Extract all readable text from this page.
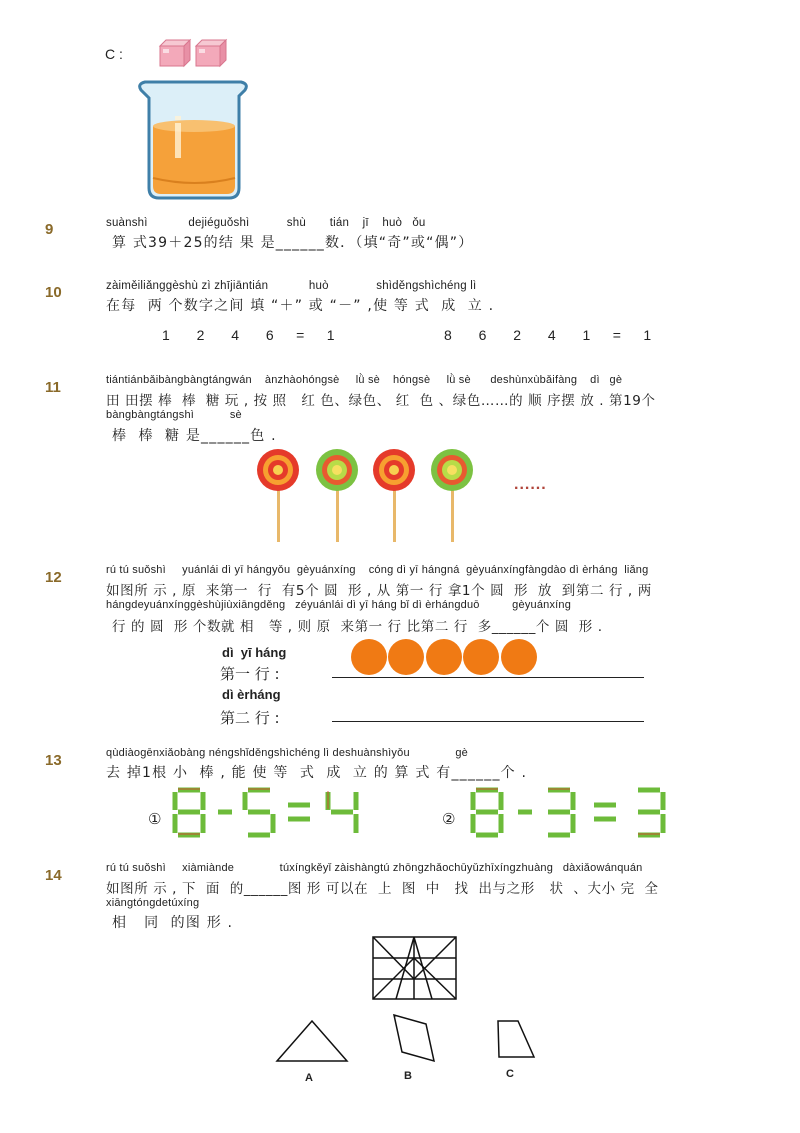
C :
9	suànshì            dejiéguǒshì           shù       tián    jī    huò   ǒu
算 式39＋25的结 果 是______数．（填“奇”或“偶”）
10	zàiměiliǎnggèshù zì zhījiāntián            huò              shìděngshìchéng lì
在每  两 个数字之间 填 “＋” 或 “－” ,使 等 式  成  立 .
1      2      4      6     =     1	8      6      2      4      1     =     1
11	tiántiánbǎibàngbàngtángwán    ànzhàohóngsè     lǜ sè    hóngsè     lǜ sè      deshùnxùbǎifàng    dì   gè
田 田摆 棒  棒  糖 玩 , 按 照   红 色、绿色、 红  色 、绿色……的 顺 序摆 放 . 第19个
bàngbàngtángshì           sè
棒  棒  糖 是______色 .
......
12	rú tú suǒshì     yuánlái dì yī hángyǒu  gèyuánxíng    cóng dì yī hángná  gèyuánxíngfàngdào dì èrháng  liǎng
如图所 示 , 原  来第一  行  有5个 圆  形 , 从 第一 行 拿1个 圆  形  放  到第二 行 , 两
hángdeyuánxínggèshùjiùxiāngděng   zéyuánlái dì yī háng bǐ dì èrhángduō          gèyuánxíng
行 的 圆  形 个数就 相   等 , 则 原  来第一 行 比第二 行  多______个 圆  形 .
dì  yī háng
第一 行 :
dì èrháng
第二 行 :
13	qùdiàogēnxiǎobàng néngshǐděngshìchéng lì deshuànshìyǒu              gè
去 掉1根 小  棒 , 能 使 等  式  成  立 的 算 式 有______个 .
①	②
14	rú tú suǒshì     xiàmiànde              túxíngkěyǐ zàishàngtú zhōngzhǎochūyǔzhīxíngzhuàng   dàxiǎowánquán
如图所 示 , 下  面  的______图 形 可以在  上  图  中   找  出与之形   状  、大小 完  全
xiāngtóngdetúxíng
相   同  的图 形 .
A	B	C
